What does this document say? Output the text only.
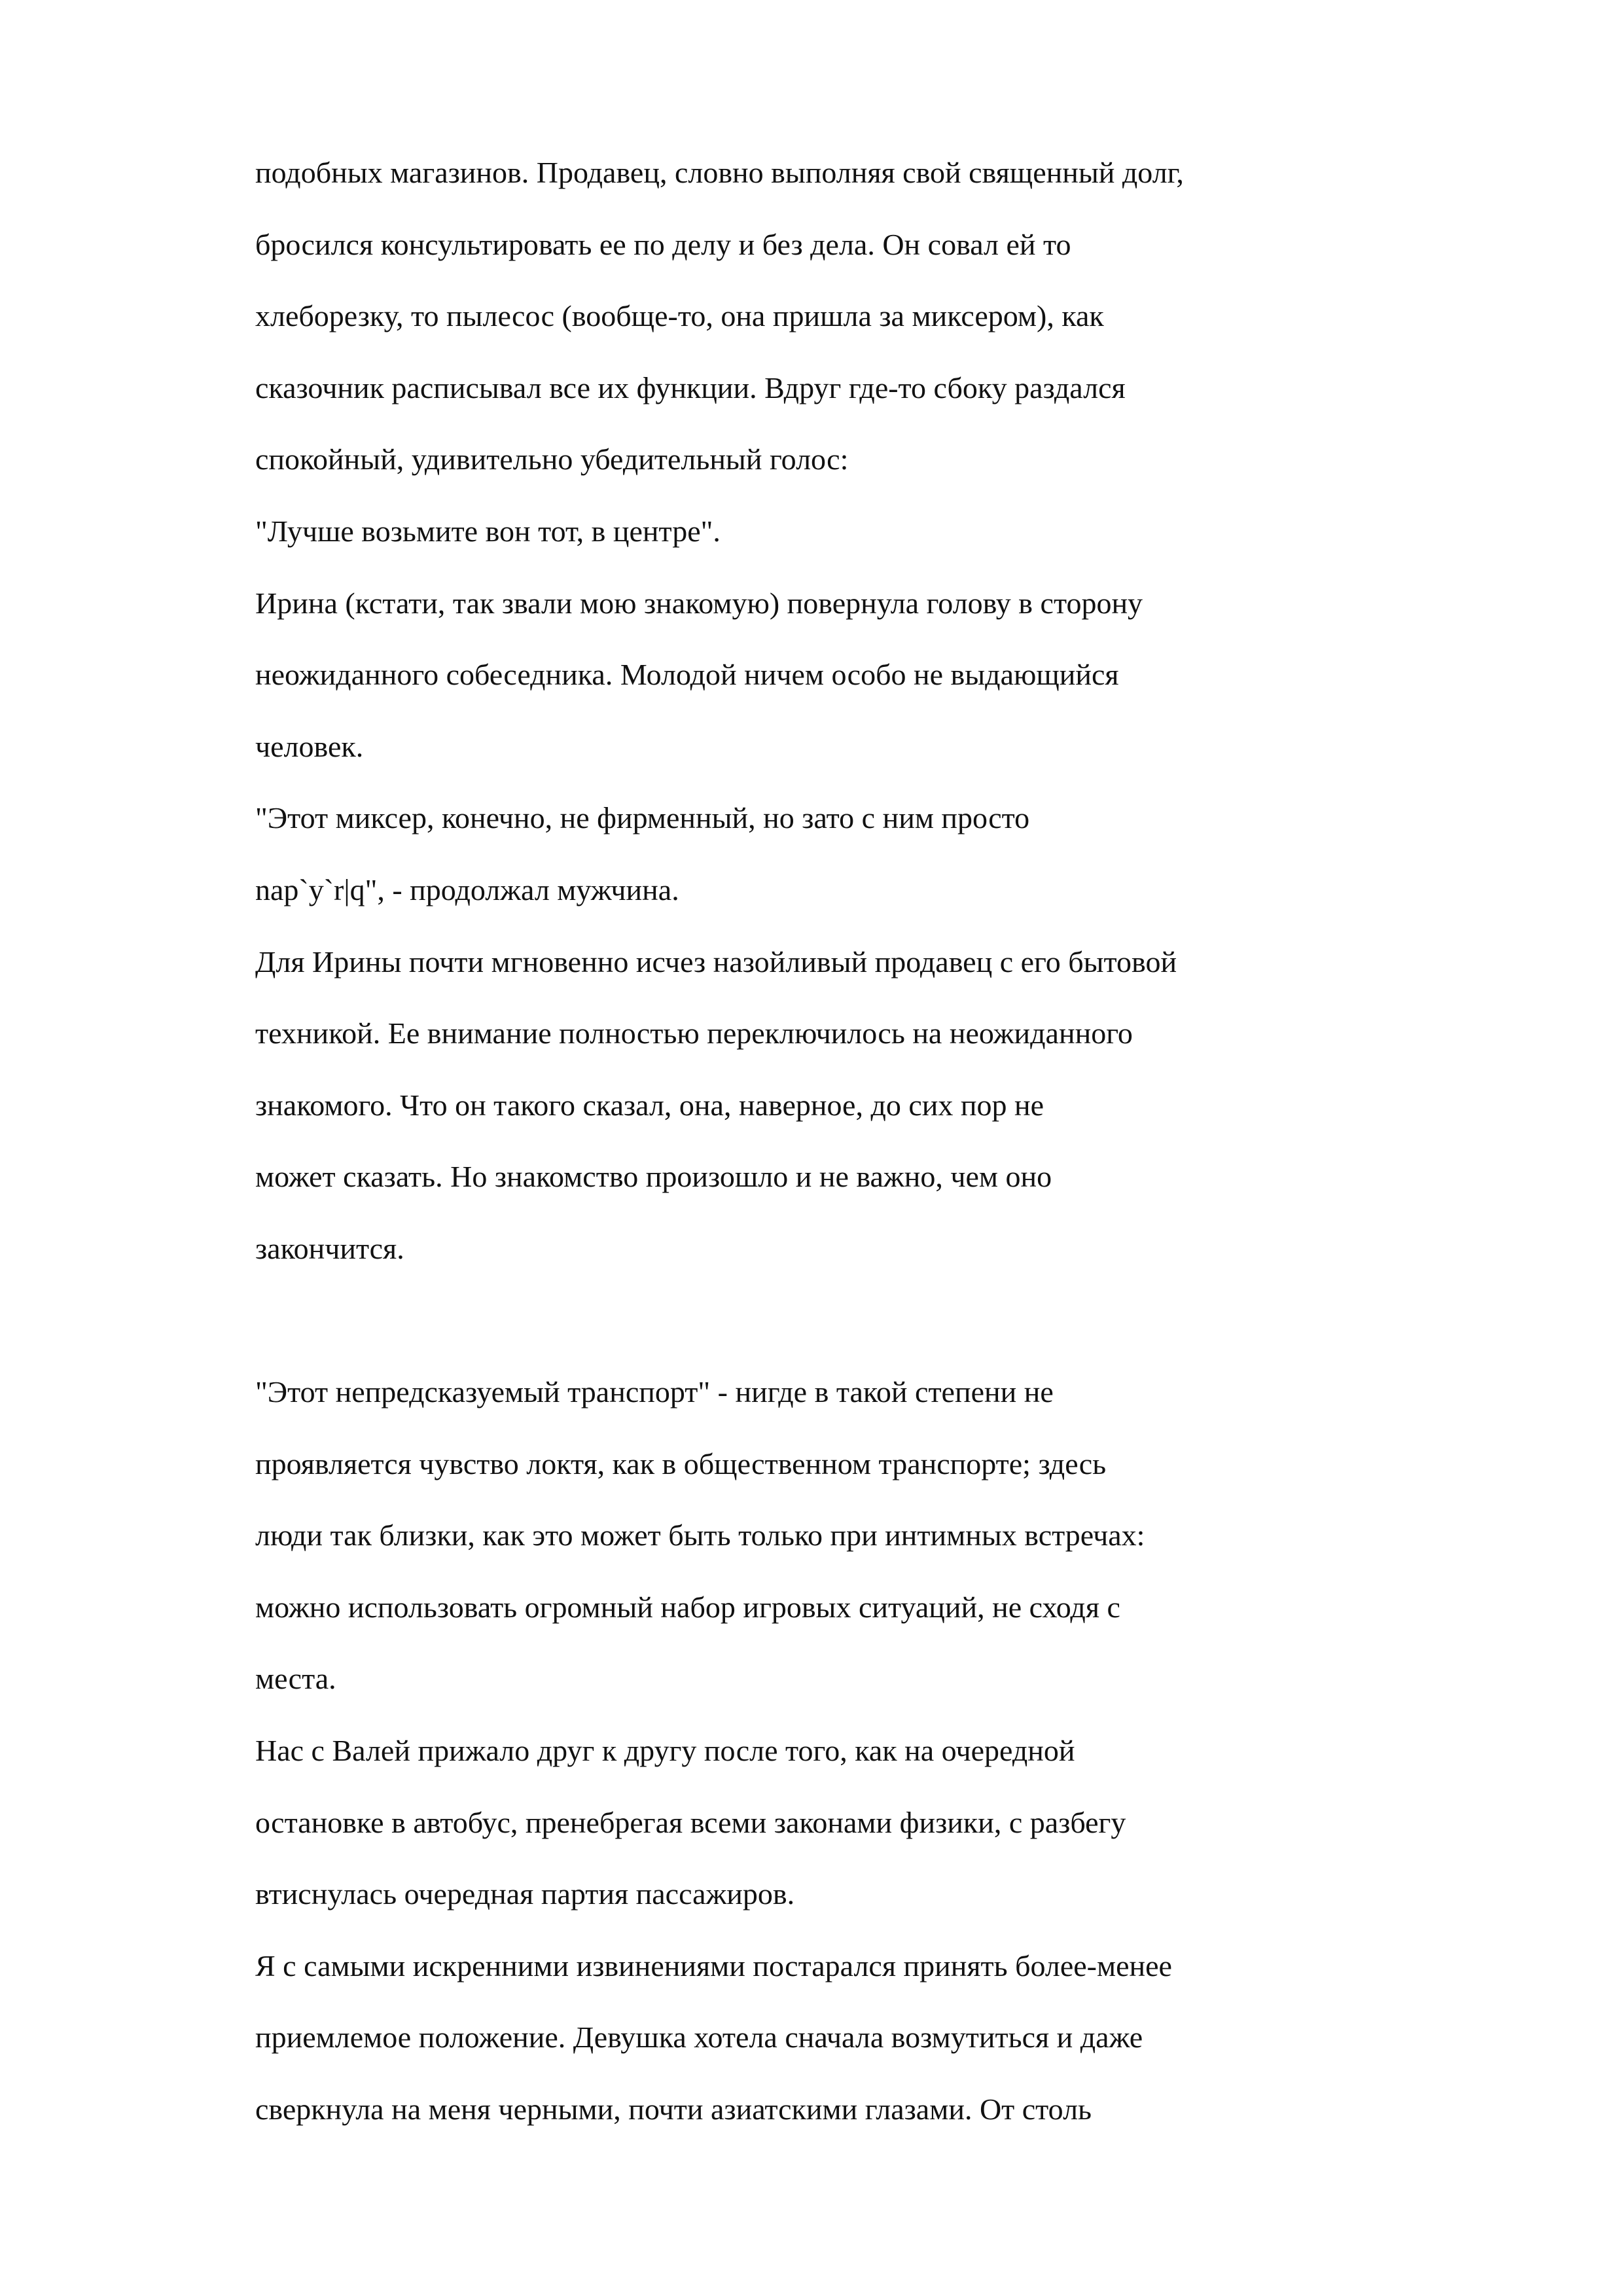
подобных магазинов. Продавец, словно выполняя свой священный долг,
бросился консультировать ее по делу и без дела. Он совал ей то
хлеборезку, то пылесос (вообще-то, она пришла за миксером), как
сказочник расписывал все их функции. Вдруг где-то сбоку раздался
спокойный, удивительно убедительный голос:
"Лучше возьмите вон тот, в центре".
Ирина (кстати, так звали мою знакомую) повернула голову в сторону
неожиданного собеседника. Молодой ничем особо не выдающийся
человек.
"Этот миксер, конечно, не фирменный, но зато с ним просто
nap`y`r|q", - продолжал мужчина.
Для Ирины почти мгновенно исчез назойливый продавец с его бытовой
техникой. Ее внимание полностью переключилось на неожиданного
знакомого. Что он такого сказал, она, наверное, до сих пор не
может сказать. Но знакомство произошло и не важно, чем оно
закончится.
"Этот непредсказуемый транспорт" - нигде в такой степени не
проявляется чувство локтя, как в общественном транспорте; здесь
люди так близки, как это может быть только при интимных встречах:
можно использовать огромный набор игровых ситуаций, не сходя с
места.
Нас с Валей прижало друг к другу после того, как на очередной
остановке в автобус, пренебрегая всеми законами физики, с разбегу
втиснулась очередная партия пассажиров.
Я с самыми искренними извинениями постарался принять более-менее
приемлемое положение. Девушка хотела сначала возмутиться и даже
сверкнула на меня черными, почти азиатскими глазами. От столь
